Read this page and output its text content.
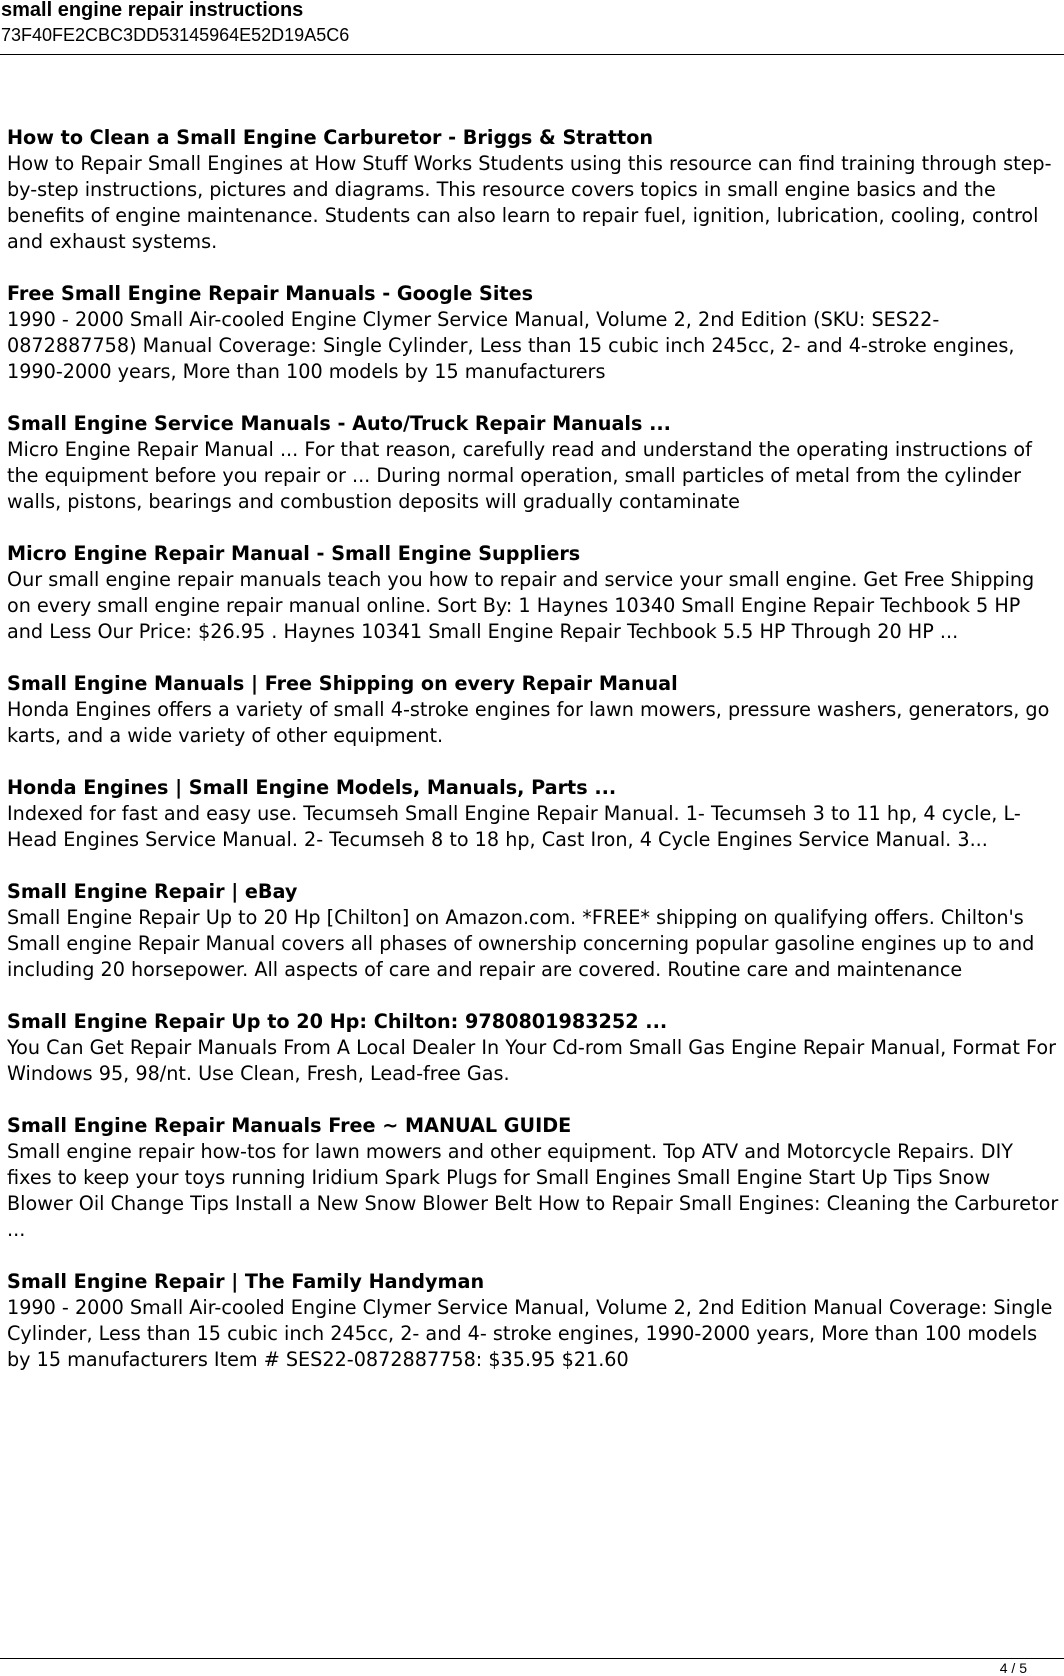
small engine repair instructions
73F40FE2CBC3DD53145964E52D19A5C6
How to Clean a Small Engine Carburetor - Briggs & Stratton
How to Repair Small Engines at How Stuff Works Students using this resource can find training through step-by-step instructions, pictures and diagrams. This resource covers topics in small engine basics and the benefits of engine maintenance. Students can also learn to repair fuel, ignition, lubrication, cooling, control and exhaust systems.
Free Small Engine Repair Manuals - Google Sites
1990 - 2000 Small Air-cooled Engine Clymer Service Manual, Volume 2, 2nd Edition (SKU: SES22-0872887758) Manual Coverage: Single Cylinder, Less than 15 cubic inch 245cc, 2- and 4-stroke engines, 1990-2000 years, More than 100 models by 15 manufacturers
Small Engine Service Manuals - Auto/Truck Repair Manuals ...
Micro Engine Repair Manual ... For that reason, carefully read and understand the operating instructions of the equipment before you repair or ... During normal operation, small particles of metal from the cylinder walls, pistons, bearings and combustion deposits will gradually contaminate
Micro Engine Repair Manual - Small Engine Suppliers
Our small engine repair manuals teach you how to repair and service your small engine. Get Free Shipping on every small engine repair manual online. Sort By: 1 Haynes 10340 Small Engine Repair Techbook 5 HP and Less Our Price: $26.95 . Haynes 10341 Small Engine Repair Techbook 5.5 HP Through 20 HP ...
Small Engine Manuals | Free Shipping on every Repair Manual
Honda Engines offers a variety of small 4-stroke engines for lawn mowers, pressure washers, generators, go karts, and a wide variety of other equipment.
Honda Engines | Small Engine Models, Manuals, Parts ...
Indexed for fast and easy use. Tecumseh Small Engine Repair Manual. 1- Tecumseh 3 to 11 hp, 4 cycle, L-Head Engines Service Manual. 2- Tecumseh 8 to 18 hp, Cast Iron, 4 Cycle Engines Service Manual. 3...
Small Engine Repair | eBay
Small Engine Repair Up to 20 Hp [Chilton] on Amazon.com. *FREE* shipping on qualifying offers. Chilton's Small engine Repair Manual covers all phases of ownership concerning popular gasoline engines up to and including 20 horsepower. All aspects of care and repair are covered. Routine care and maintenance
Small Engine Repair Up to 20 Hp: Chilton: 9780801983252 ...
You Can Get Repair Manuals From A Local Dealer In Your Cd-rom Small Gas Engine Repair Manual, Format For Windows 95, 98/nt. Use Clean, Fresh, Lead-free Gas.
Small Engine Repair Manuals Free ~ MANUAL GUIDE
Small engine repair how-tos for lawn mowers and other equipment. Top ATV and Motorcycle Repairs. DIY fixes to keep your toys running Iridium Spark Plugs for Small Engines Small Engine Start Up Tips Snow Blower Oil Change Tips Install a New Snow Blower Belt How to Repair Small Engines: Cleaning the Carburetor ...
Small Engine Repair | The Family Handyman
1990 - 2000 Small Air-cooled Engine Clymer Service Manual, Volume 2, 2nd Edition Manual Coverage: Single Cylinder, Less than 15 cubic inch 245cc, 2- and 4- stroke engines, 1990-2000 years, More than 100 models by 15 manufacturers Item # SES22-0872887758: $35.95 $21.60
4 / 5
